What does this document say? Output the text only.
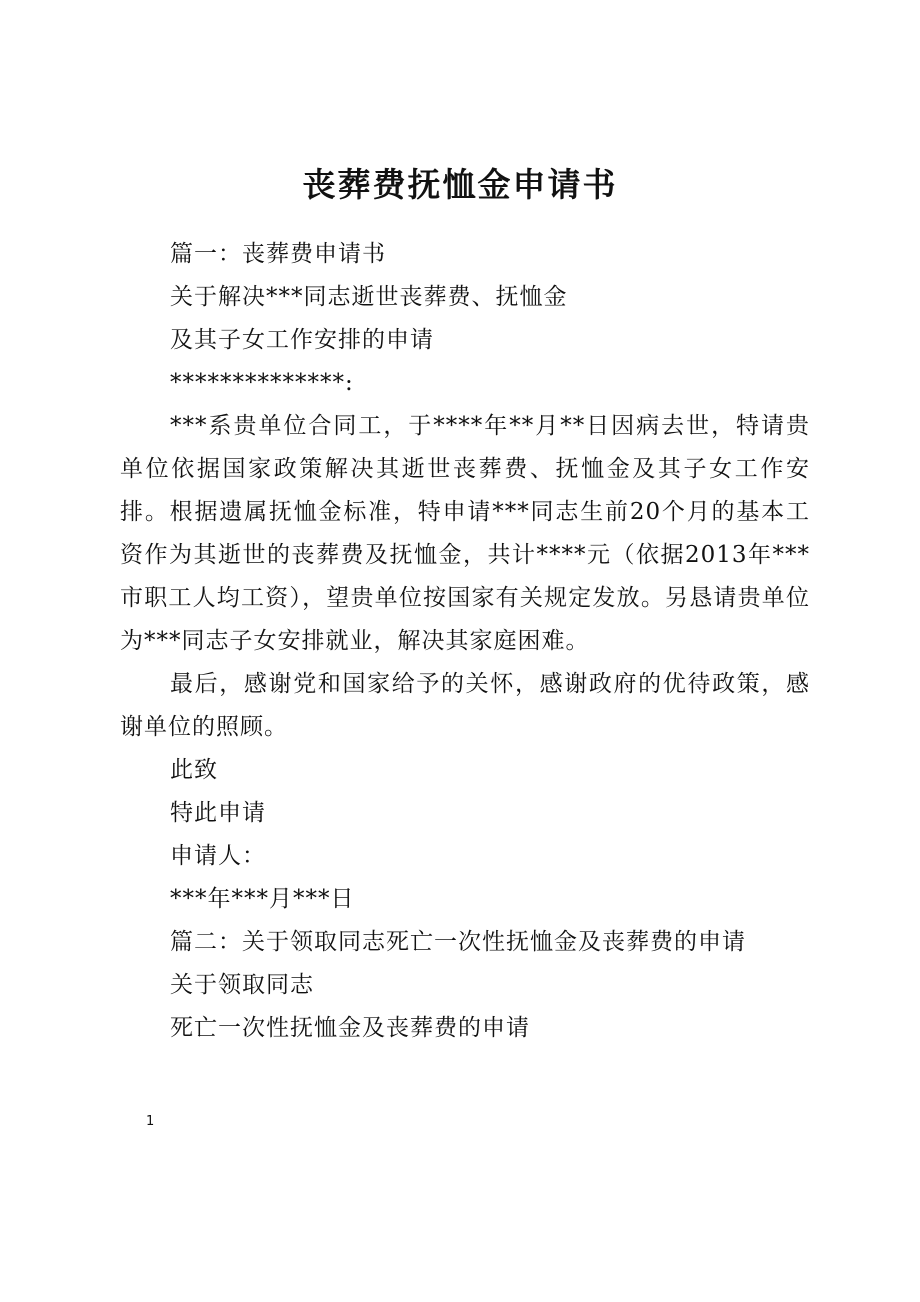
丧葬费抚恤金申请书

篇一：丧葬费申请书

关于解决***同志逝世丧葬费、抚恤金

及其子女工作安排的申请

**************:

***系贵单位合同工，于****年**月**日因病去世，特请贵单位依据国家政策解决其逝世丧葬费、抚恤金及其子女工作安排。根据遗属抚恤金标准，特申请***同志生前20个月的基本工资作为其逝世的丧葬费及抚恤金，共计****元（依据2013年***市职工人均工资），望贵单位按国家有关规定发放。另恳请贵单位为***同志子女安排就业，解决其家庭困难。

最后，感谢党和国家给予的关怀，感谢政府的优待政策，感谢单位的照顾。

此致

特此申请

申请人：

***年***月***日

篇二：关于领取同志死亡一次性抚恤金及丧葬费的申请

关于领取同志

死亡一次性抚恤金及丧葬费的申请

1
